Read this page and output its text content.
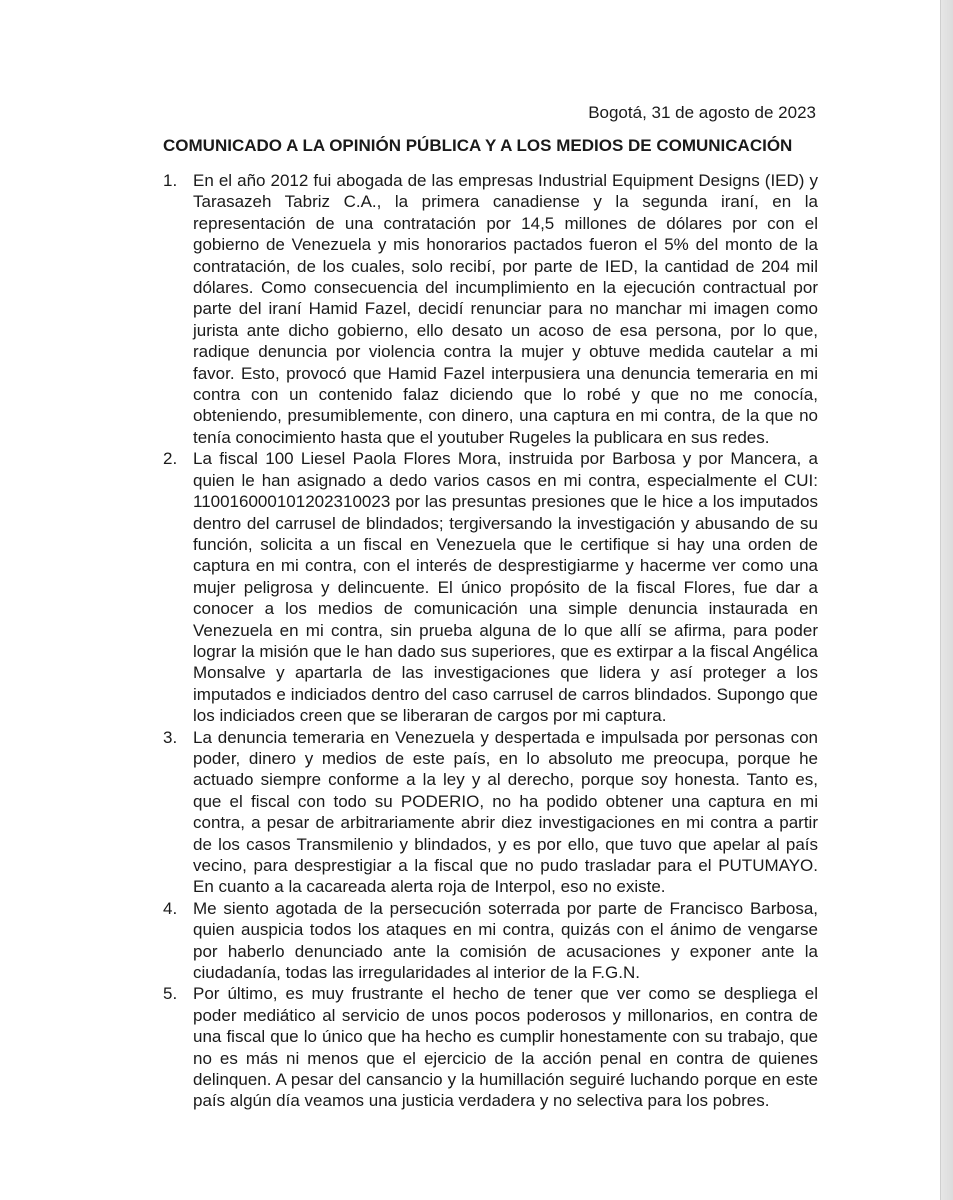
Bogotá, 31 de agosto de 2023
COMUNICADO A LA OPINIÓN PÚBLICA Y A LOS MEDIOS DE COMUNICACIÓN
1. En el año 2012 fui abogada de las empresas Industrial Equipment Designs (IED) y Tarasazeh Tabriz C.A., la primera canadiense y la segunda iraní, en la representación de una contratación por 14,5 millones de dólares por con el gobierno de Venezuela y mis honorarios pactados fueron el 5% del monto de la contratación, de los cuales, solo recibí, por parte de IED, la cantidad de 204 mil dólares. Como consecuencia del incumplimiento en la ejecución contractual por parte del iraní Hamid Fazel, decidí renunciar para no manchar mi imagen como jurista ante dicho gobierno, ello desato un acoso de esa persona, por lo que, radique denuncia por violencia contra la mujer y obtuve medida cautelar a mi favor. Esto, provocó que Hamid Fazel interpusiera una denuncia temeraria en mi contra con un contenido falaz diciendo que lo robé y que no me conocía, obteniendo, presumiblemente, con dinero, una captura en mi contra, de la que no tenía conocimiento hasta que el youtuber Rugeles la publicara en sus redes.
2. La fiscal 100 Liesel Paola Flores Mora, instruida por Barbosa y por Mancera, a quien le han asignado a dedo varios casos en mi contra, especialmente el CUI: 110016000101202310023 por las presuntas presiones que le hice a los imputados dentro del carrusel de blindados; tergiversando la investigación y abusando de su función, solicita a un fiscal en Venezuela que le certifique si hay una orden de captura en mi contra, con el interés de desprestigiarme y hacerme ver como una mujer peligrosa y delincuente. El único propósito de la fiscal Flores, fue dar a conocer a los medios de comunicación una simple denuncia instaurada en Venezuela en mi contra, sin prueba alguna de lo que allí se afirma, para poder lograr la misión que le han dado sus superiores, que es extirpar a la fiscal Angélica Monsalve y apartarla de las investigaciones que lidera y así proteger a los imputados e indiciados dentro del caso carrusel de carros blindados. Supongo que los indiciados creen que se liberaran de cargos por mi captura.
3. La denuncia temeraria en Venezuela y despertada e impulsada por personas con poder, dinero y medios de este país, en lo absoluto me preocupa, porque he actuado siempre conforme a la ley y al derecho, porque soy honesta. Tanto es, que el fiscal con todo su PODERIO, no ha podido obtener una captura en mi contra, a pesar de arbitrariamente abrir diez investigaciones en mi contra a partir de los casos Transmilenio y blindados, y es por ello, que tuvo que apelar al país vecino, para desprestigiar a la fiscal que no pudo trasladar para el PUTUMAYO. En cuanto a la cacareada alerta roja de Interpol, eso no existe.
4. Me siento agotada de la persecución soterrada por parte de Francisco Barbosa, quien auspicia todos los ataques en mi contra, quizás con el ánimo de vengarse por haberlo denunciado ante la comisión de acusaciones y exponer ante la ciudadanía, todas las irregularidades al interior de la F.G.N.
5. Por último, es muy frustrante el hecho de tener que ver como se despliega el poder mediático al servicio de unos pocos poderosos y millonarios, en contra de una fiscal que lo único que ha hecho es cumplir honestamente con su trabajo, que no es más ni menos que el ejercicio de la acción penal en contra de quienes delinquen. A pesar del cansancio y la humillación seguiré luchando porque en este país algún día veamos una justicia verdadera y no selectiva para los pobres.
